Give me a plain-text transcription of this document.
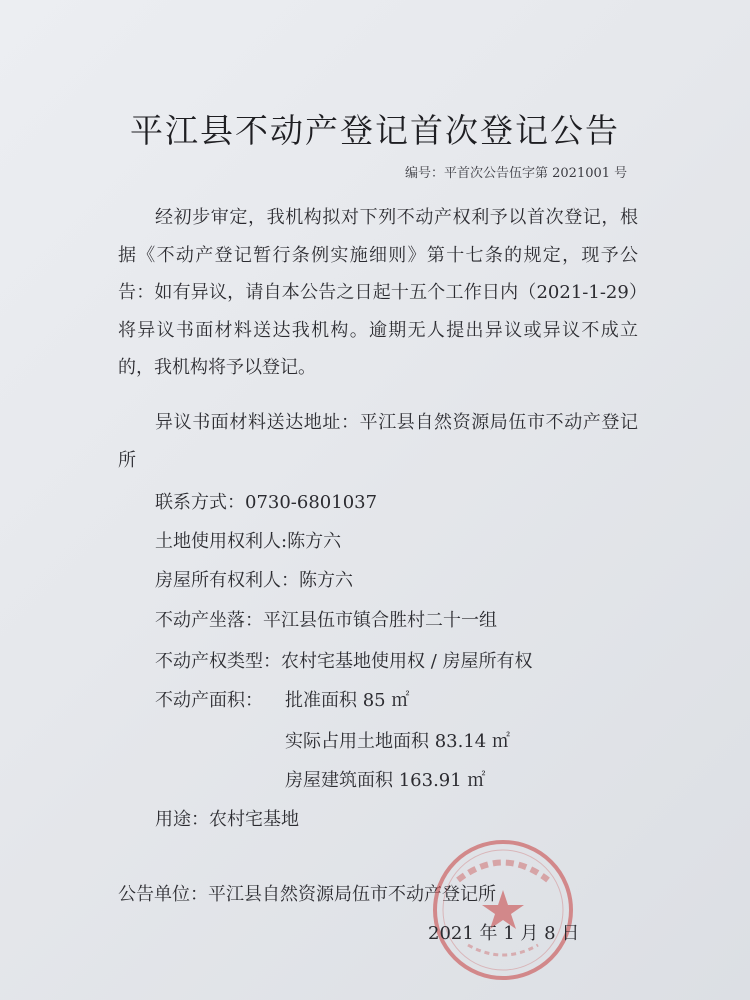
平江县不动产登记首次登记公告
编号：平首次公告伍字第 2021001 号
经初步审定，我机构拟对下列不动产权利予以首次登记，根据《不动产登记暂行条例实施细则》第十七条的规定，现予公告：如有异议，请自本公告之日起十五个工作日内（2021-1-29）将异议书面材料送达我机构。逾期无人提出异议或异议不成立的，我机构将予以登记。
异议书面材料送达地址：平江县自然资源局伍市不动产登记所
联系方式：0730-6801037
土地使用权利人:陈方六
房屋所有权利人：陈方六
不动产坐落：平江县伍市镇合胜村二十一组
不动产权类型：农村宅基地使用权 / 房屋所有权
不动产面积： 批准面积 85 ㎡
实际占用土地面积 83.14 ㎡
房屋建筑面积 163.91 ㎡
用途：农村宅基地
公告单位：平江县自然资源局伍市不动产登记所
2021 年 1 月 8 日
